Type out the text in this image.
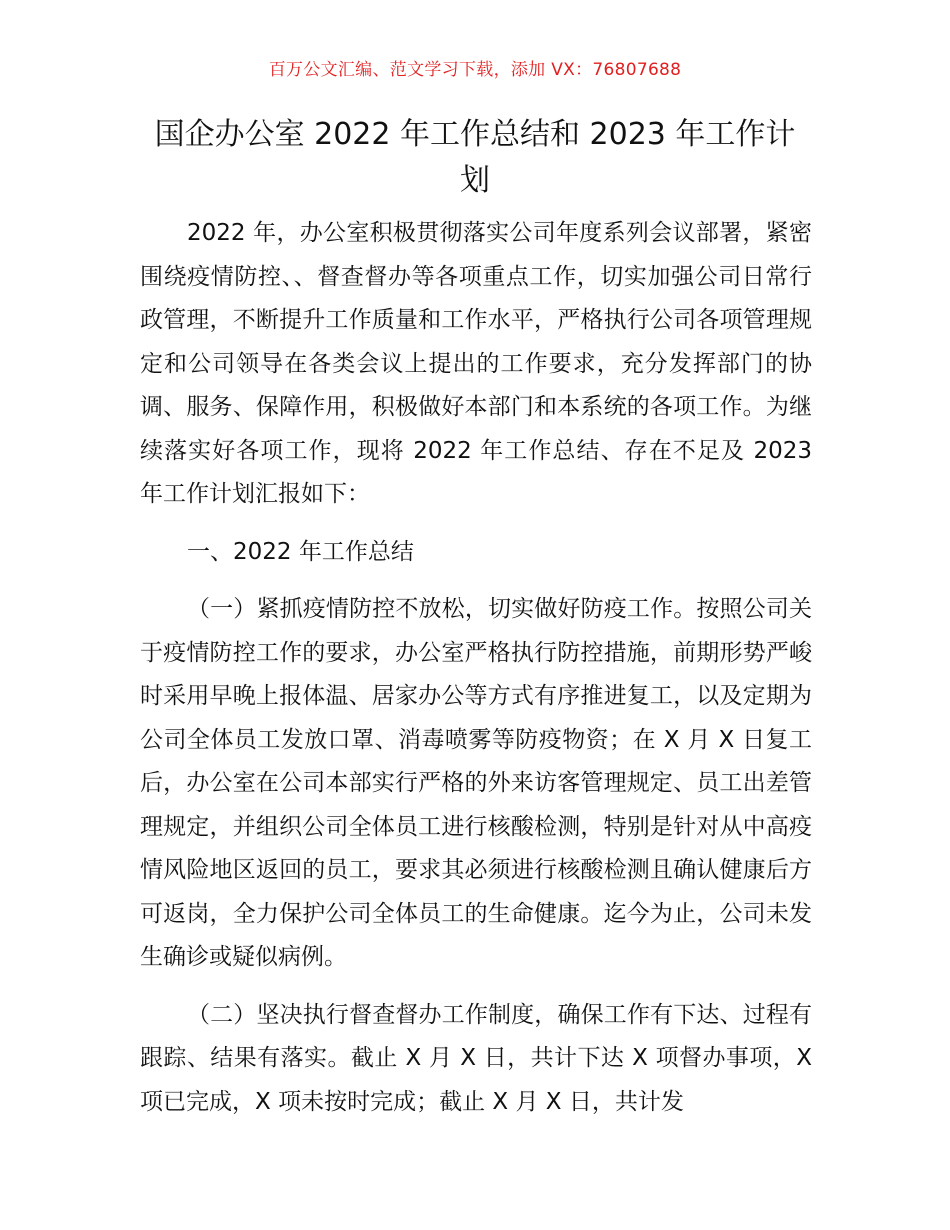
百万公文汇编、范文学习下载，添加 VX：76807688
国企办公室 2022 年工作总结和 2023 年工作计划

2022 年，办公室积极贯彻落实公司年度系列会议部署，紧密围绕疫情防控、、督查督办等各项重点工作，切实加强公司日常行政管理，不断提升工作质量和工作水平，严格执行公司各项管理规定和公司领导在各类会议上提出的工作要求，充分发挥部门的协调、服务、保障作用，积极做好本部门和本系统的各项工作。为继续落实好各项工作，现将 2022 年工作总结、存在不足及 2023 年工作计划汇报如下：

一、2022 年工作总结

（一）紧抓疫情防控不放松，切实做好防疫工作。按照公司关于疫情防控工作的要求，办公室严格执行防控措施，前期形势严峻时采用早晚上报体温、居家办公等方式有序推进复工，以及定期为公司全体员工发放口罩、消毒喷雾等防疫物资；在 X 月 X 日复工后，办公室在公司本部实行严格的外来访客管理规定、员工出差管理规定，并组织公司全体员工进行核酸检测，特别是针对从中高疫情风险地区返回的员工，要求其必须进行核酸检测且确认健康后方可返岗，全力保护公司全体员工的生命健康。迄今为止，公司未发生确诊或疑似病例。

（二）坚决执行督查督办工作制度，确保工作有下达、过程有跟踪、结果有落实。截止 X 月 X 日，共计下达 X 项督办事项，X 项已完成，X 项未按时完成；截止 X 月 X 日，共计发
